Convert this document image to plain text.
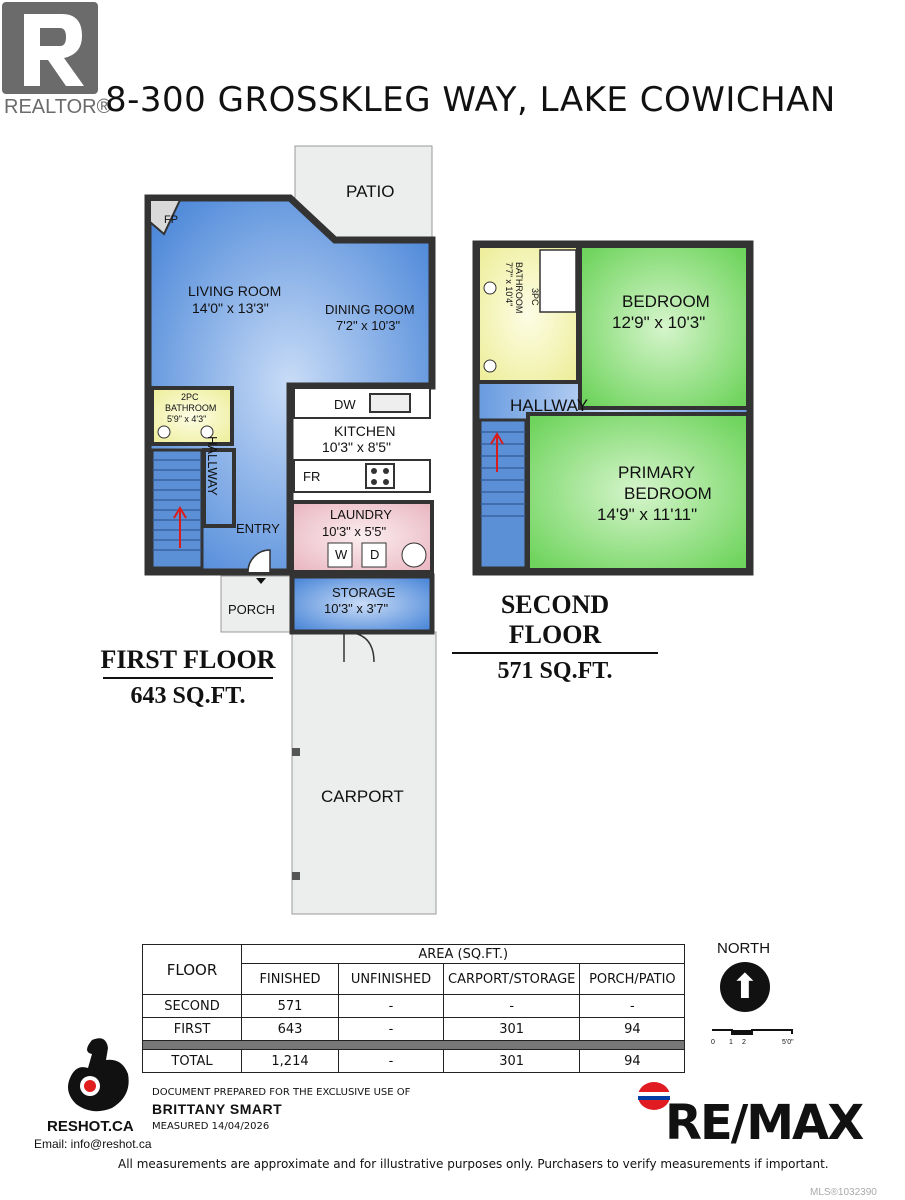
REALTOR®
8-300 GROSSKLEG WAY, LAKE COWICHAN
PATIO
FP
LIVING ROOM
14'0" x 13'3"	DINING ROOM
7'2" x 10'3"
2PC
BATHROOM
5'9" x 4'3"
HALLWAY
DW
KITCHEN
10'3" x 8'5"
FR
ENTRY
LAUNDRY
10'3" x 5'5"
W D
PORCH
STORAGE
10'3" x 3'7"
CARPORT
FIRST FLOOR
643 SQ.FT.
BATHROOM 3PC
7'7" x 10'4"	BEDROOM
12'9" x 10'3"
HALLWAY
PRIMARY
BEDROOM
14'9" x 11'11"
SECOND FLOOR
571 SQ.FT.
FLOOR	AREA (SQ.FT.)			
	FINISHED	UNFINISHED	CARPORT/STORAGE	PORCH/PATIO
SECOND	571	-	-	-
FIRST	643	-	301	94

TOTAL	1,214	-	301	94
NORTH
⬆
0 1 2	5'0"
RESHOT.CA
Email: info@reshot.ca
DOCUMENT PREPARED FOR THE EXCLUSIVE USE OF
BRITTANY SMART
MEASURED 14/04/2026	RE/MAX
All measurements are approximate and for illustrative purposes only. Purchasers to verify measurements if important.
MLS®1032390
